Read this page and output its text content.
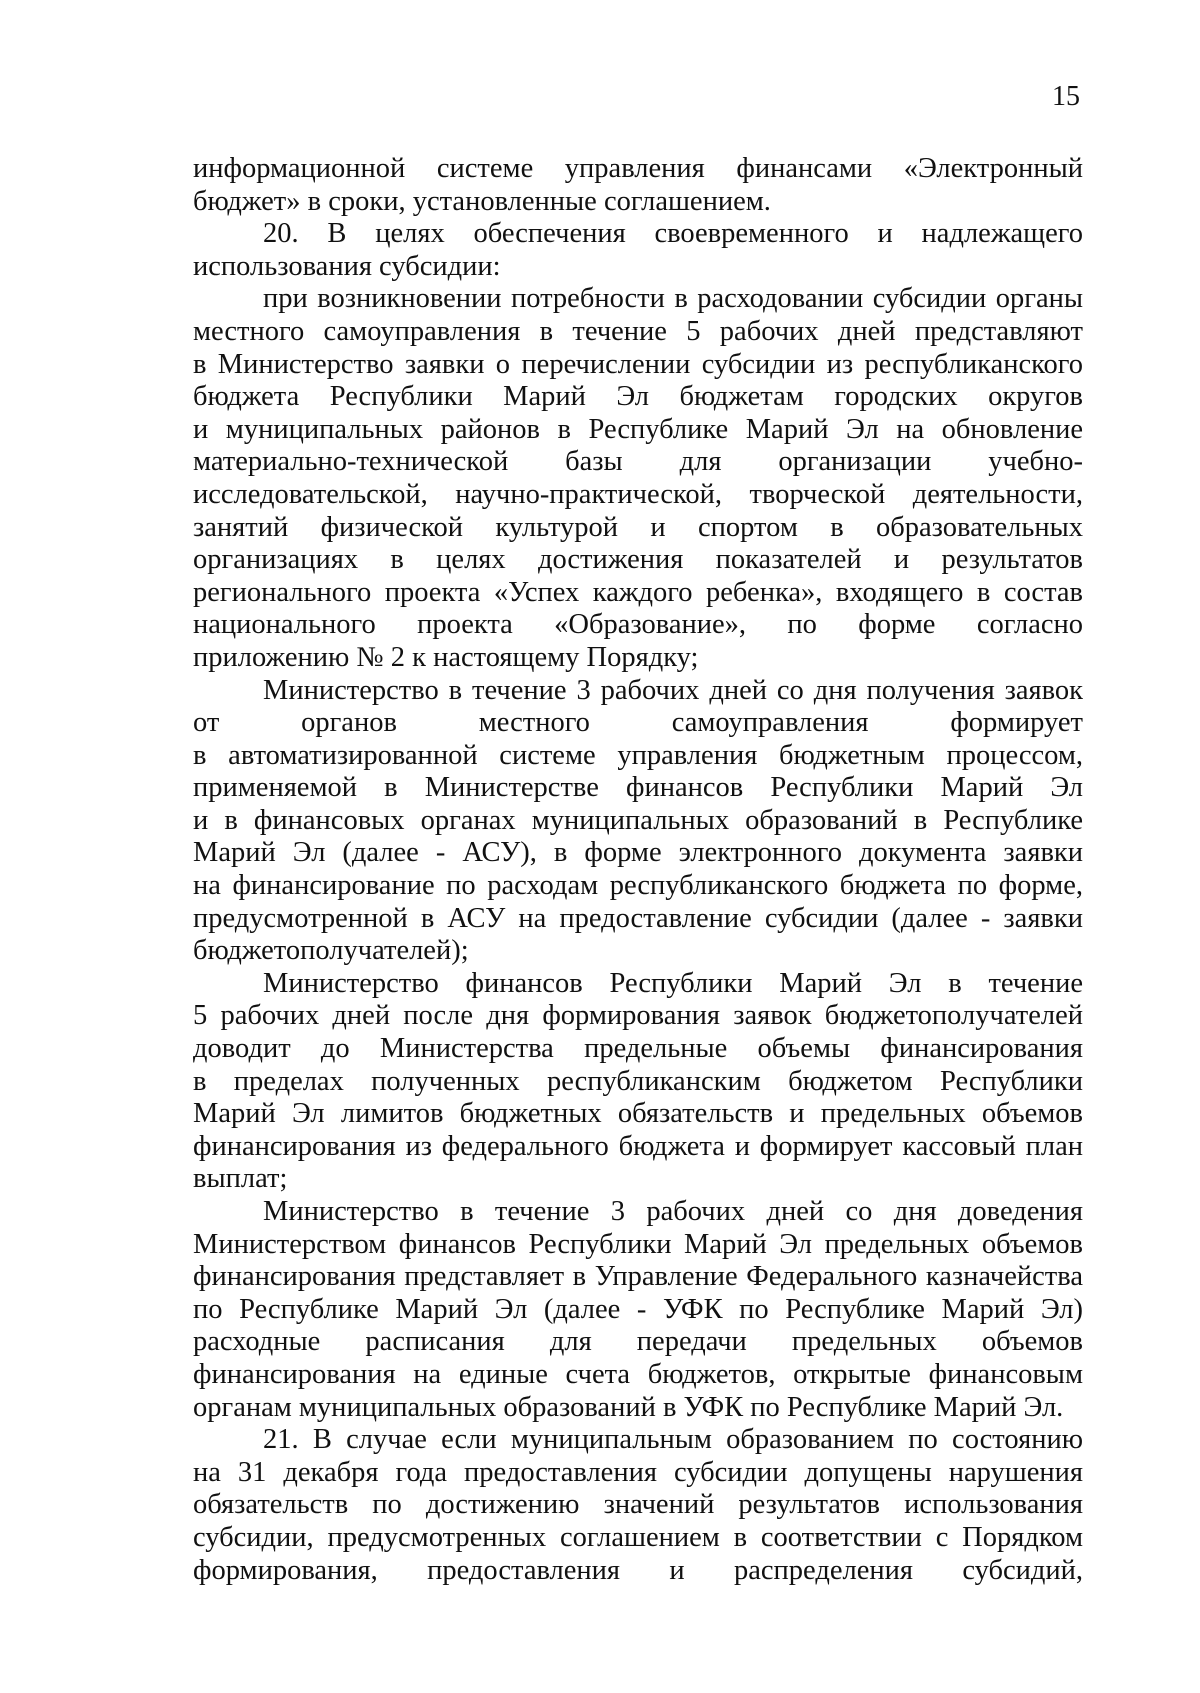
15

информационной системе управления финансами «Электронный
бюджет» в сроки, установленные соглашением.

20. В целях обеспечения своевременного и надлежащего
использования субсидии:

при возникновении потребности в расходовании субсидии органы
местного самоуправления в течение 5 рабочих дней представляют
в Министерство заявки о перечислении субсидии из республиканского
бюджета Республики Марий Эл бюджетам городских округов
и муниципальных районов в Республике Марий Эл на обновление
материально-технической базы для организации учебно-
исследовательской, научно-практической, творческой деятельности,
занятий физической культурой и спортом в образовательных
организациях в целях достижения показателей и результатов
регионального проекта «Успех каждого ребенка», входящего в состав
национального проекта «Образование», по форме согласно
приложению № 2 к настоящему Порядку;

Министерство в течение 3 рабочих дней со дня получения заявок
от органов местного самоуправления формирует
в автоматизированной системе управления бюджетным процессом,
применяемой в Министерстве финансов Республики Марий Эл
и в финансовых органах муниципальных образований в Республике
Марий Эл (далее - АСУ), в форме электронного документа заявки
на финансирование по расходам республиканского бюджета по форме,
предусмотренной в АСУ на предоставление субсидии (далее - заявки
бюджетополучателей);

Министерство финансов Республики Марий Эл в течение
5 рабочих дней после дня формирования заявок бюджетополучателей
доводит до Министерства предельные объемы финансирования
в пределах полученных республиканским бюджетом Республики
Марий Эл лимитов бюджетных обязательств и предельных объемов
финансирования из федерального бюджета и формирует кассовый план
выплат;

Министерство в течение 3 рабочих дней со дня доведения
Министерством финансов Республики Марий Эл предельных объемов
финансирования представляет в Управление Федерального казначейства
по Республике Марий Эл (далее - УФК по Республике Марий Эл)
расходные расписания для передачи предельных объемов
финансирования на единые счета бюджетов, открытые финансовым
органам муниципальных образований в УФК по Республике Марий Эл.

21. В случае если муниципальным образованием по состоянию
на 31 декабря года предоставления субсидии допущены нарушения
обязательств по достижению значений результатов использования
субсидии, предусмотренных соглашением в соответствии с Порядком
формирования, предоставления и распределения субсидий,
